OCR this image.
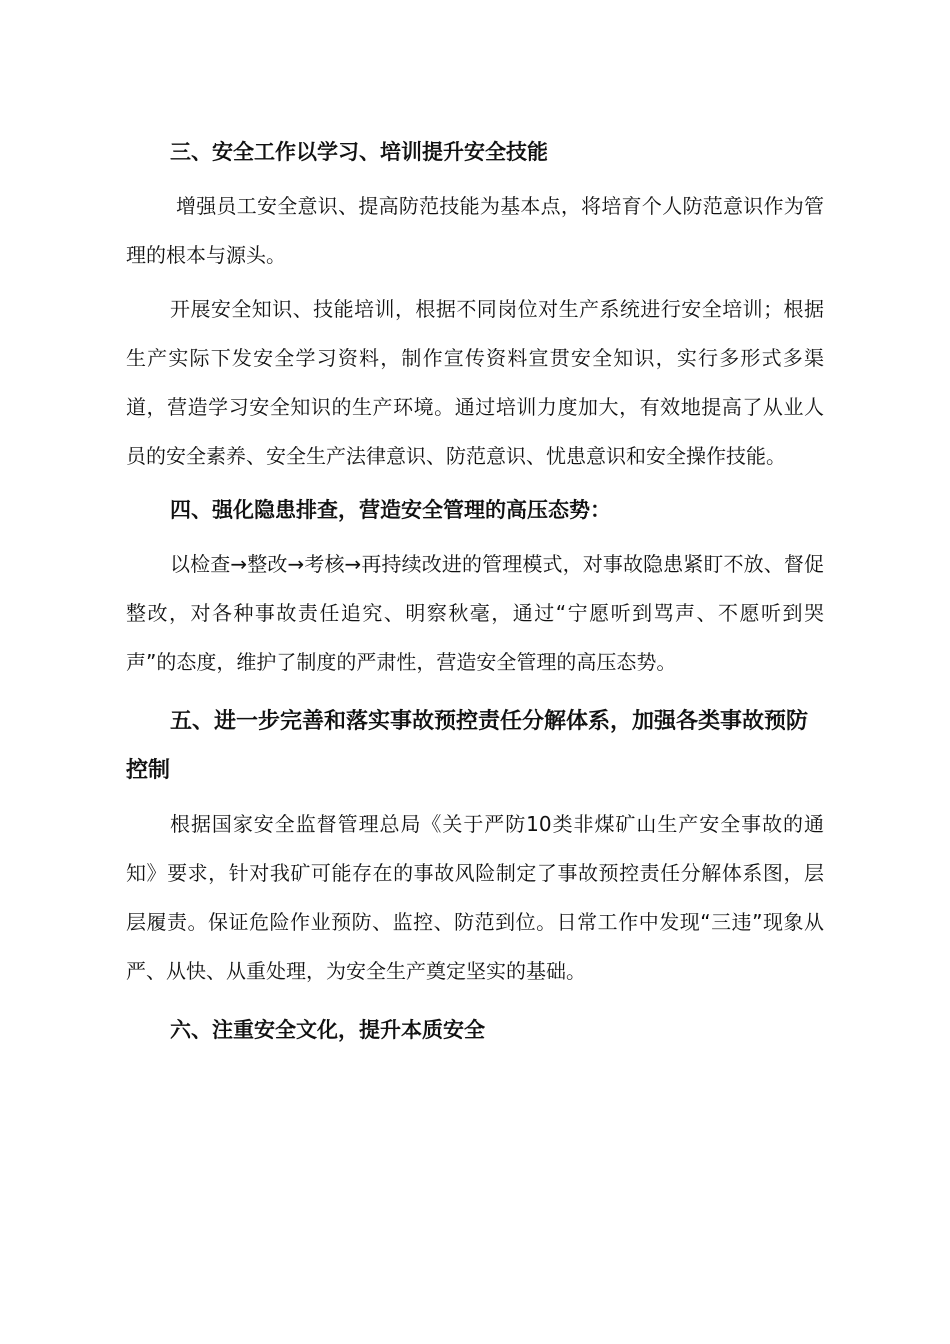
三、安全工作以学习、培训提升安全技能

增强员工安全意识、提高防范技能为基本点，将培育个人防范意识作为管理的根本与源头。

开展安全知识、技能培训，根据不同岗位对生产系统进行安全培训；根据生产实际下发安全学习资料，制作宣传资料宣贯安全知识，实行多形式多渠道，营造学习安全知识的生产环境。通过培训力度加大，有效地提高了从业人员的安全素养、安全生产法律意识、防范意识、忧患意识和安全操作技能。

四、强化隐患排查，营造安全管理的高压态势：

以检查→整改→考核→再持续改进的管理模式，对事故隐患紧盯不放、督促整改，对各种事故责任追究、明察秋毫，通过“宁愿听到骂声、不愿听到哭声”的态度，维护了制度的严肃性，营造安全管理的高压态势。

五、进一步完善和落实事故预控责任分解体系，加强各类事故预防控制

根据国家安全监督管理总局《关于严防10类非煤矿山生产安全事故的通知》要求，针对我矿可能存在的事故风险制定了事故预控责任分解体系图，层层履责。保证危险作业预防、监控、防范到位。日常工作中发现“三违”现象从严、从快、从重处理，为安全生产奠定坚实的基础。

六、注重安全文化，提升本质安全
